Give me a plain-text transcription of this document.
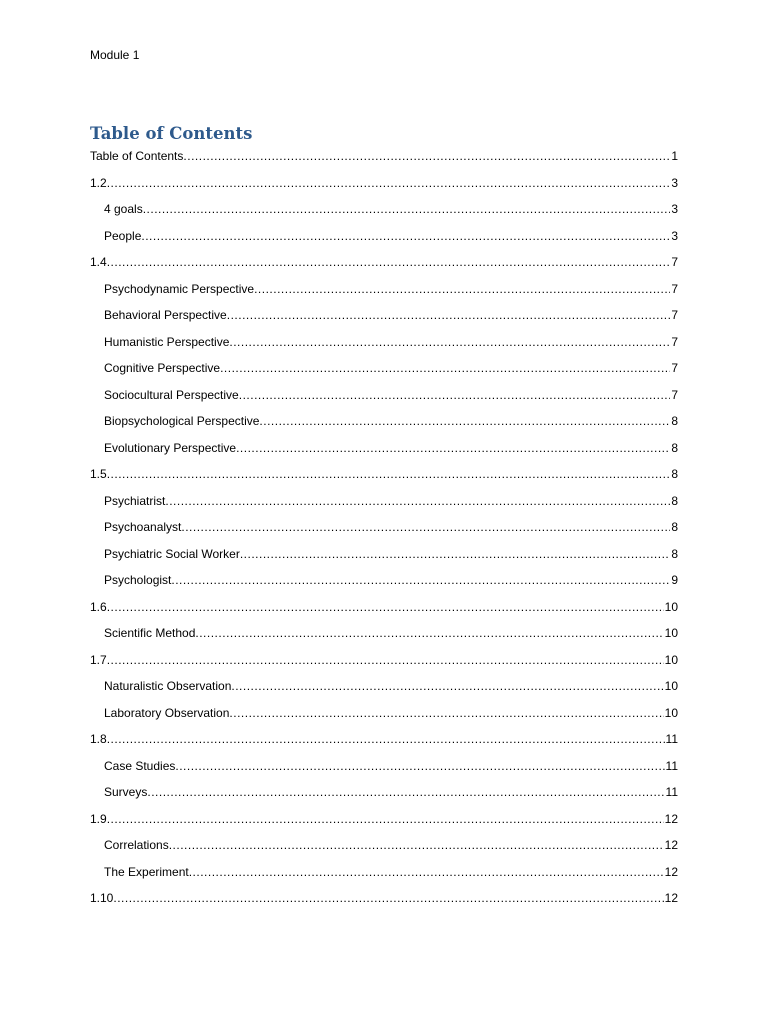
Module 1
Table of Contents
Table of Contents .....	1
1.2 .....	3
4 goals .....	3
People .....	3
1.4 .....	7
Psychodynamic Perspective .....	7
Behavioral Perspective .....	7
Humanistic Perspective .....	7
Cognitive Perspective .....	7
Sociocultural Perspective .....	7
Biopsychological Perspective .....	8
Evolutionary Perspective .....	8
1.5 .....	8
Psychiatrist .....	8
Psychoanalyst .....	8
Psychiatric Social Worker .....	8
Psychologist .....	9
1.6 .....	10
Scientific Method .....	10
1.7 .....	10
Naturalistic Observation .....	10
Laboratory Observation .....	10
1.8 .....	11
Case Studies .....	11
Surveys .....	11
1.9 .....	12
Correlations .....	12
The Experiment .....	12
1.10 .....	12
